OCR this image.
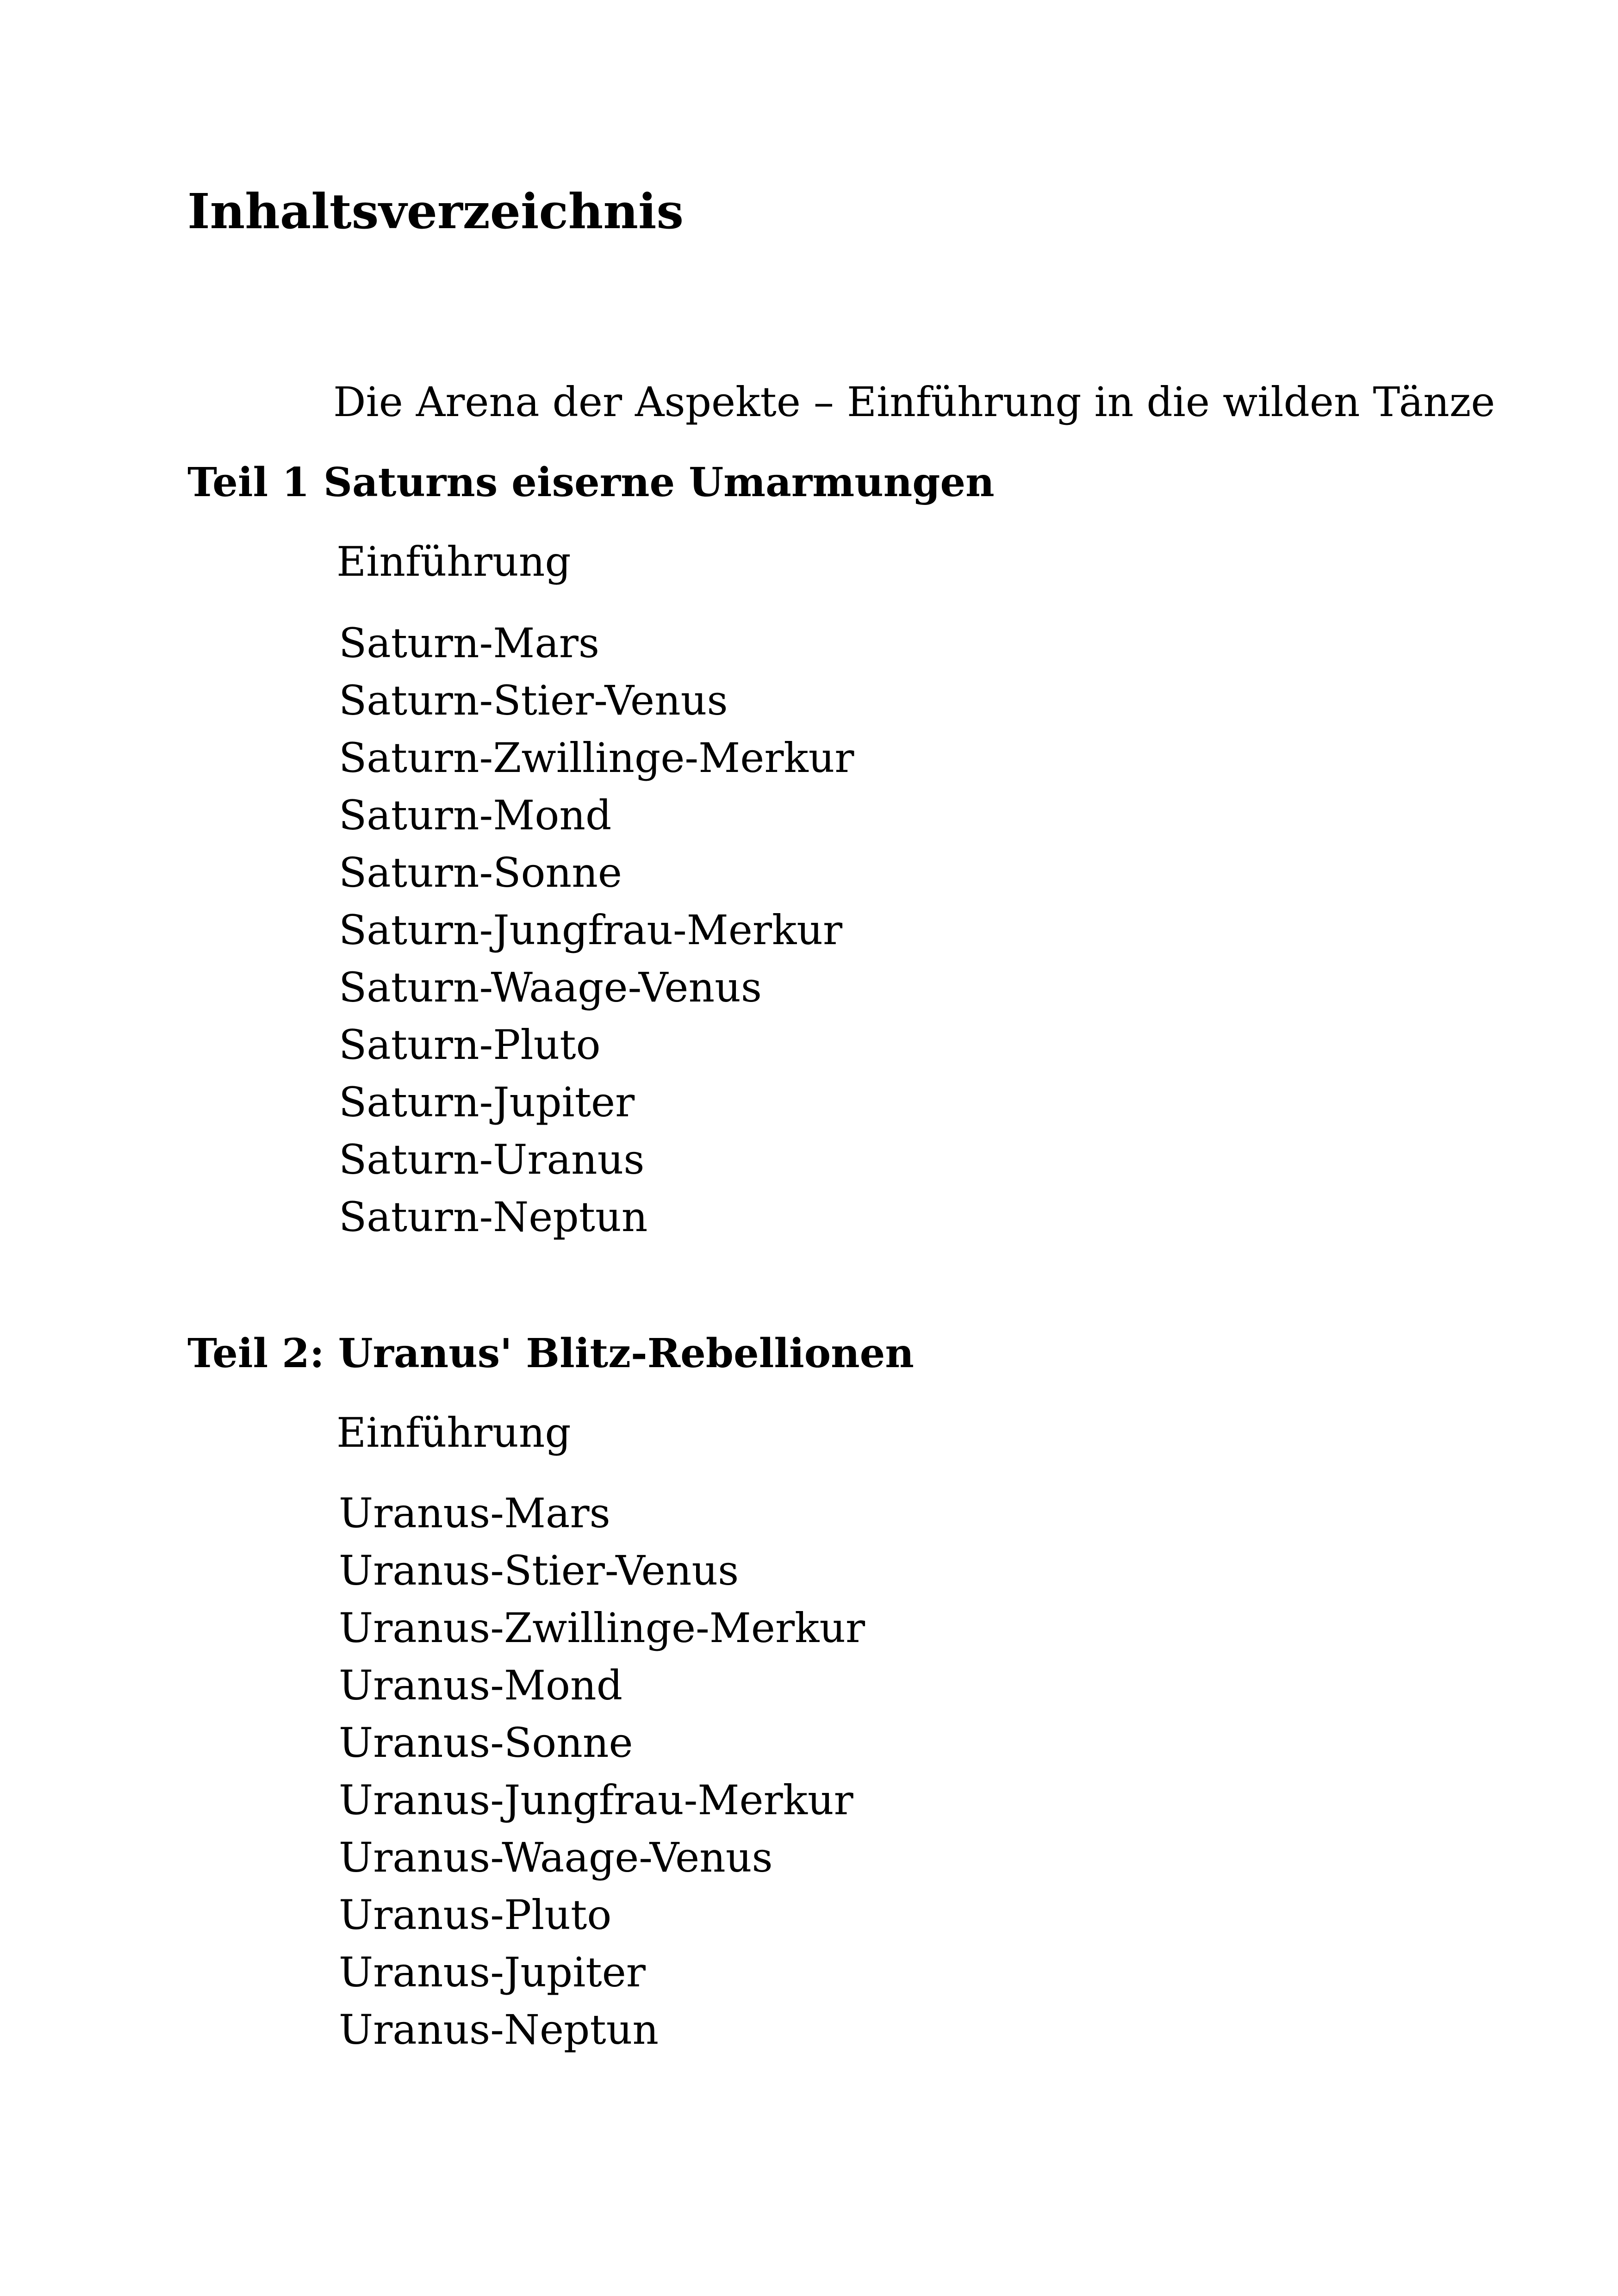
Inhaltsverzeichnis
Die Arena der Aspekte – Einführung in die wilden Tänze
Teil 1 Saturns eiserne Umarmungen
Einführung
Saturn-Mars
Saturn-Stier-Venus
Saturn-Zwillinge-Merkur
Saturn-Mond
Saturn-Sonne
Saturn-Jungfrau-Merkur
Saturn-Waage-Venus
Saturn-Pluto
Saturn-Jupiter
Saturn-Uranus
Saturn-Neptun
Teil 2: Uranus' Blitz-Rebellionen
Einführung
Uranus-Mars
Uranus-Stier-Venus
Uranus-Zwillinge-Merkur
Uranus-Mond
Uranus-Sonne
Uranus-Jungfrau-Merkur
Uranus-Waage-Venus
Uranus-Pluto
Uranus-Jupiter
Uranus-Neptun
